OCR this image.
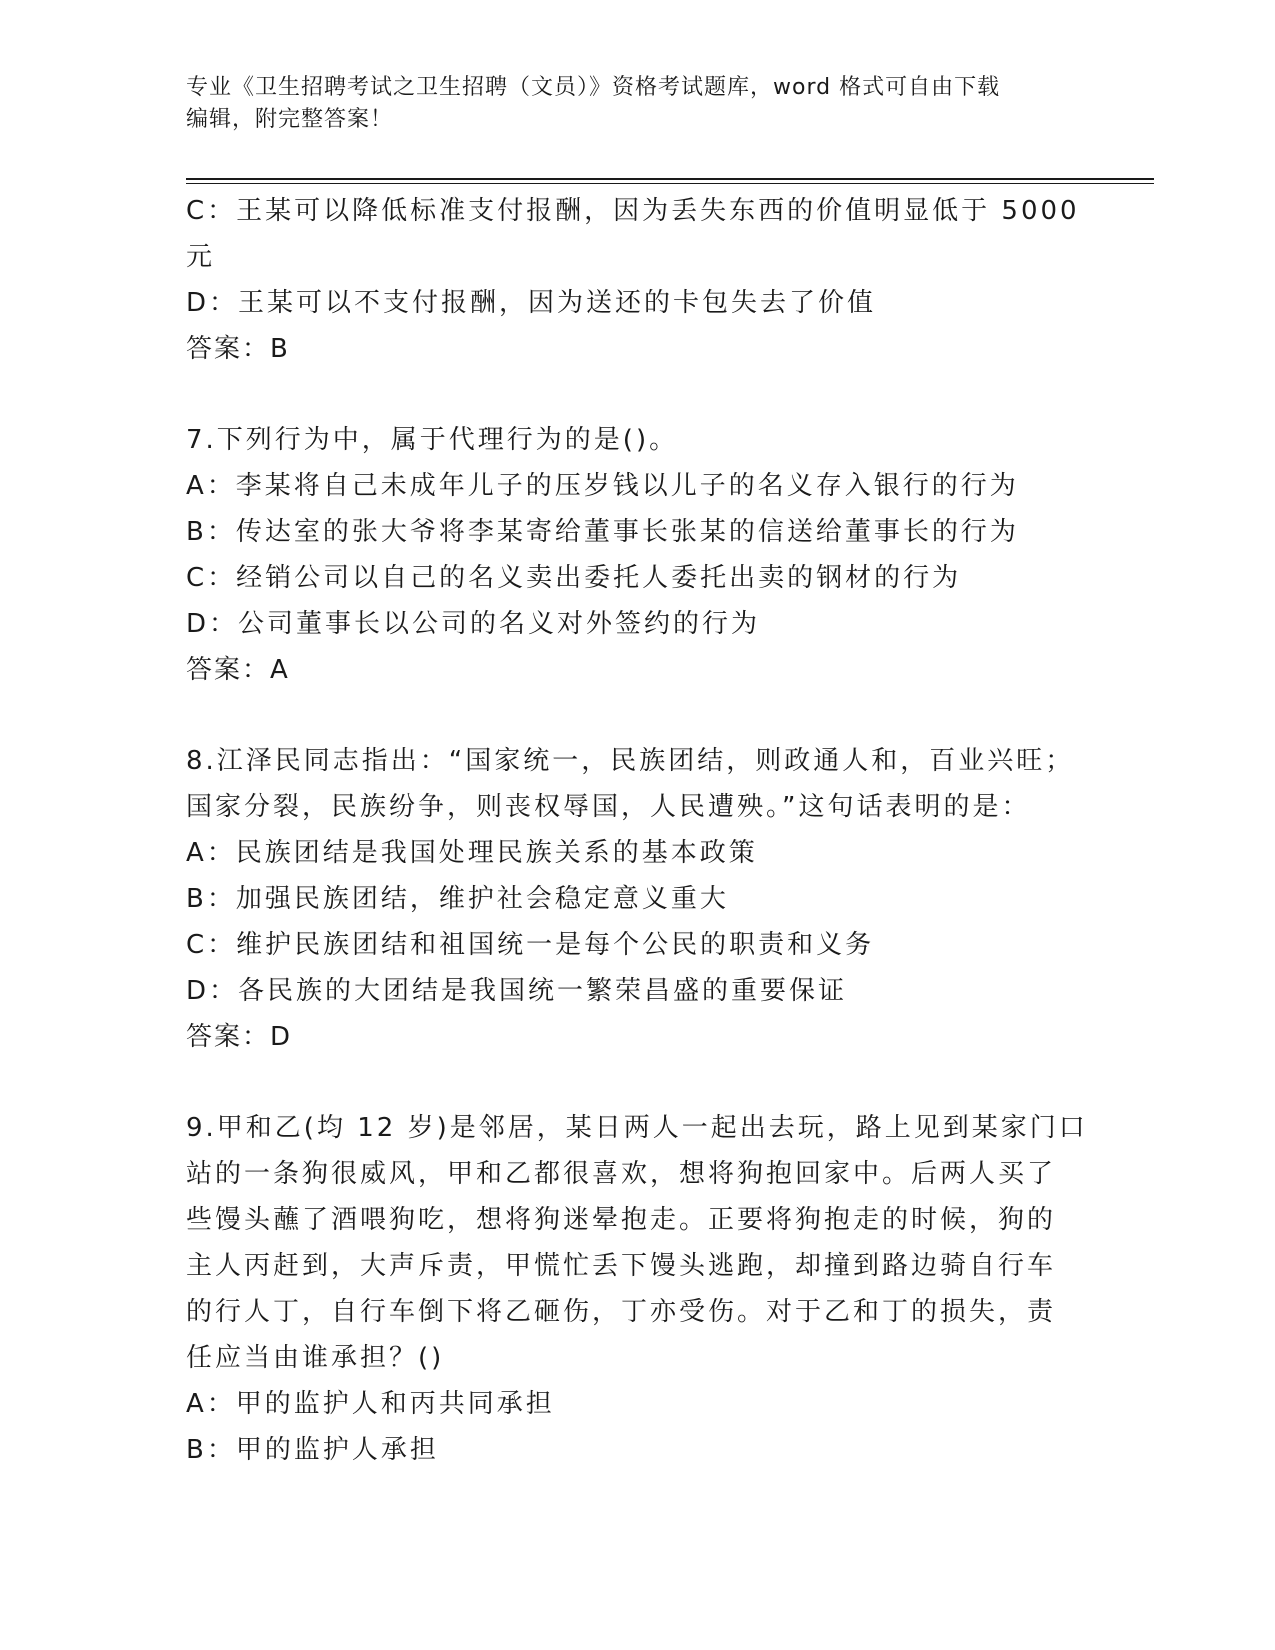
专业《卫生招聘考试之卫生招聘（文员）》资格考试题库，word 格式可自由下载
编辑，附完整答案！
C：王某可以降低标准支付报酬，因为丢失东西的价值明显低于 5000
元
D：王某可以不支付报酬，因为送还的卡包失去了价值
答案：B
7.下列行为中，属于代理行为的是()。
A：李某将自己未成年儿子的压岁钱以儿子的名义存入银行的行为
B：传达室的张大爷将李某寄给董事长张某的信送给董事长的行为
C：经销公司以自己的名义卖出委托人委托出卖的钢材的行为
D：公司董事长以公司的名义对外签约的行为
答案：A
8.江泽民同志指出：“国家统一，民族团结，则政通人和，百业兴旺；
国家分裂，民族纷争，则丧权辱国，人民遭殃。”这句话表明的是：
A：民族团结是我国处理民族关系的基本政策
B：加强民族团结，维护社会稳定意义重大
C：维护民族团结和祖国统一是每个公民的职责和义务
D：各民族的大团结是我国统一繁荣昌盛的重要保证
答案：D
9.甲和乙(均 12 岁)是邻居，某日两人一起出去玩，路上见到某家门口
站的一条狗很威风，甲和乙都很喜欢，想将狗抱回家中。后两人买了
些馒头蘸了酒喂狗吃，想将狗迷晕抱走。正要将狗抱走的时候，狗的
主人丙赶到，大声斥责，甲慌忙丢下馒头逃跑，却撞到路边骑自行车
的行人丁，自行车倒下将乙砸伤，丁亦受伤。对于乙和丁的损失，责
任应当由谁承担？()
A：甲的监护人和丙共同承担
B：甲的监护人承担
